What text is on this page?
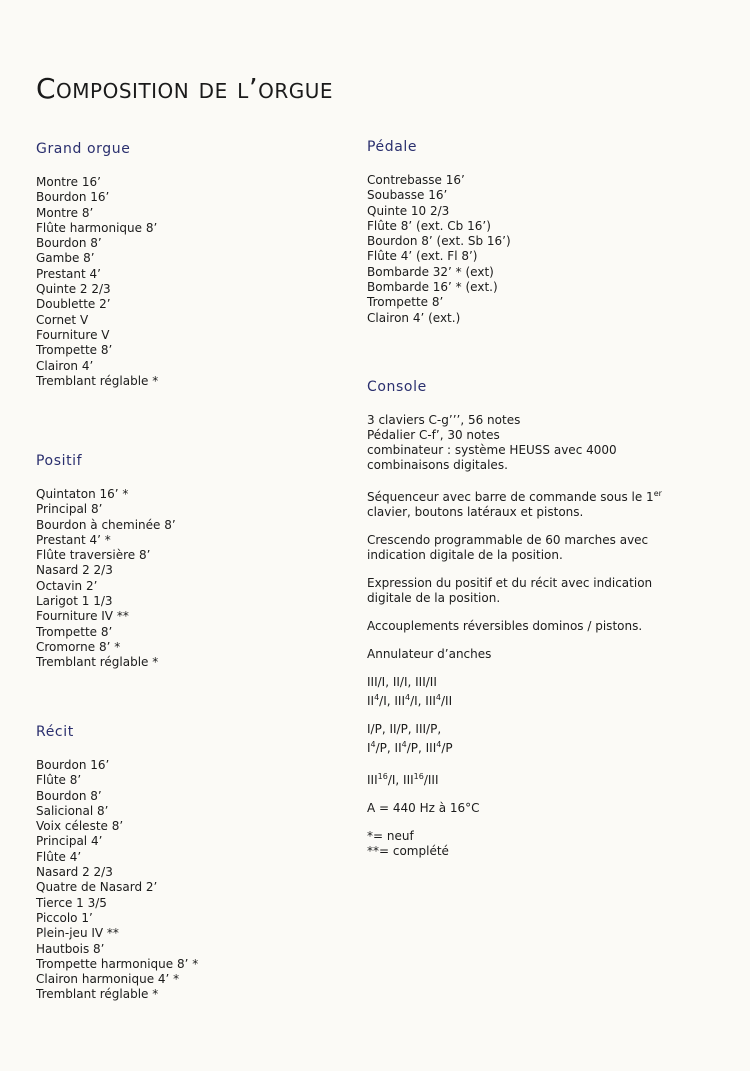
Composition de l’orgue
Grand orgue
Montre 16’
Bourdon 16’
Montre 8’
Flûte harmonique 8’
Bourdon 8’
Gambe 8’
Prestant 4’
Quinte 2 2/3
Doublette 2’
Cornet V
Fourniture V
Trompette 8’
Clairon 4’
Tremblant réglable *
Positif
Quintaton 16’ *
Principal 8’
Bourdon à cheminée 8’
Prestant 4’ *
Flûte traversière 8’
Nasard 2 2/3
Octavin 2’
Larigot 1 1/3
Fourniture IV **
Trompette 8’
Cromorne 8’ *
Tremblant réglable *
Récit
Bourdon 16’
Flûte 8’
Bourdon 8’
Salicional 8’
Voix céleste 8’
Principal 4’
Flûte 4’
Nasard 2 2/3
Quatre de Nasard 2’
Tierce 1 3/5
Piccolo 1’
Plein-jeu IV **
Hautbois 8’
Trompette harmonique 8’ *
Clairon harmonique 4’ *
Tremblant réglable *
Pédale
Contrebasse 16’
Soubasse 16’
Quinte 10 2/3
Flûte 8’ (ext. Cb 16’)
Bourdon 8’ (ext. Sb 16’)
Flûte 4’ (ext. Fl 8’)
Bombarde 32’ * (ext)
Bombarde 16’ * (ext.)
Trompette 8’
Clairon 4’ (ext.)
Console

3 claviers C-g’’’, 56 notes
Pédalier C-f’, 30 notes
combinateur : système HEUSS avec 4000
combinaisons digitales.

Séquenceur avec barre de commande sous le 1er
clavier, boutons latéraux et pistons.

Crescendo programmable de 60 marches avec
indication digitale de la position.

Expression du positif et du récit avec indication
digitale de la position.

Accouplements réversibles dominos / pistons.

Annulateur d’anches

III/I, II/I, III/II
$II^4/I$, III$^4$/I, III$^4$/II

I/P, II/P, III/P,
$I^4/P$, $II^4/P$, III$^4$/P

III$^{16}$/I, III$^{16}$/III

A = 440 Hz à 16°C

*= neuf
**= complété
